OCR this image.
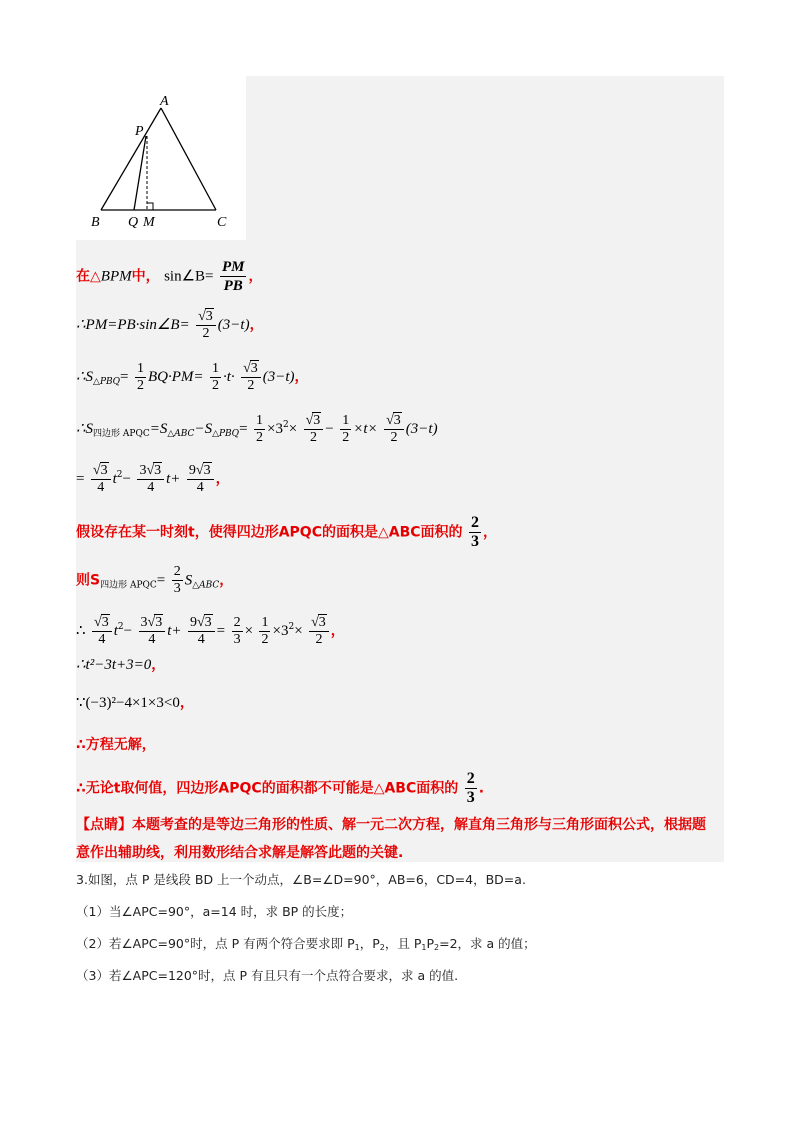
A
P
B Q M	C
在△BPM中， sin∠B= $\frac{PM}{PB}$ ，
∴PM=PB·sin∠B= $\frac{√3}{2} (3-t)$，
$\therefore S_{\triangle PBQ}= \frac{1}{2} BQ\cdot PM= \frac{1}{2} \cdot t\cdot \frac{√3}{2} (3-t)$，
$\therefore S_{四边形 APQC}=S_{\triangle ABC}-S_{\triangle PBQ}= \frac{1}{2} \times 3^2\times \frac{√3}{2} - \frac{1}{2} \times t\times \frac{√3}{2} (3-t)$
= $\frac{√3}{4} t^2- \frac{3√3}{4} t+ \frac{9√3}{4}$ ，
假设存在某一时刻t，使得四边形APQC的面积是△ABC面积的 $\frac{2}{3}$ ，
则$S_{四边形 APQC}= \frac{2}{3} S_{\triangle ABC}$，
∴ $\frac{√3}{4} t^2- \frac{3√3}{4} t+ \frac{9√3}{4} = \frac{2}{3} \times \frac{1}{2} \times 3^2\times \frac{√3}{2}$ ，
∴t²−3t+3=0，
∵(−3)²−4×1×3<0，
∴方程无解，
∴无论t取何值，四边形APQC的面积都不可能是△ABC面积的 $\frac{2}{3}$ .
【点睛】本题考查的是等边三角形的性质、解一元二次方程，解直角三角形与三角形面积公式，根据题
意作出辅助线，利用数形结合求解是解答此题的关键.
3.如图，点 P 是线段 BD 上一个动点，∠B=∠D=90°，AB=6，CD=4，BD=a.
（1）当∠APC=90°，a=14 时，求 BP 的长度；
（2）若∠APC=90°时，点 P 有两个符合要求即 P1，P2，且 P1P2=2，求 a 的值；
（3）若∠APC=120°时，点 P 有且只有一个点符合要求，求 a 的值.
